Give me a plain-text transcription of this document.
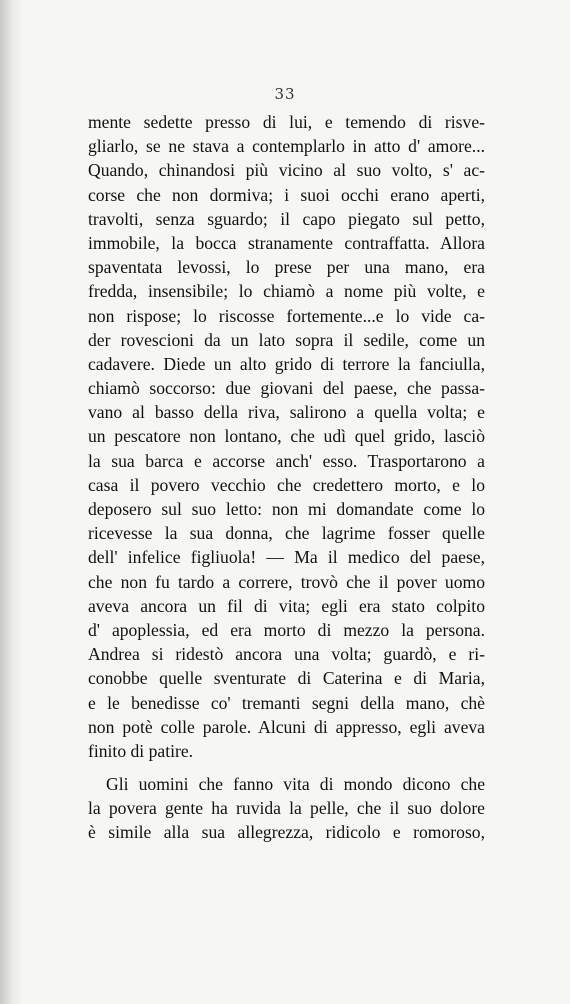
33
mente sedette presso di lui, e temendo di risve-
gliarlo, se ne stava a contemplarlo in atto d' amore...
Quando, chinandosi più vicino al suo volto, s' ac-
corse che non dormiva; i suoi occhi erano aperti,
travolti, senza sguardo; il capo piegato sul petto,
immobile, la bocca stranamente contraffatta. Allora
spaventata levossi, lo prese per una mano, era
fredda, insensibile; lo chiamò a nome più volte, e
non rispose; lo riscosse fortemente...e lo vide ca-
der rovescioni da un lato sopra il sedile, come un
cadavere. Diede un alto grido di terrore la fanciulla,
chiamò soccorso: due giovani del paese, che passa-
vano al basso della riva, salirono a quella volta; e
un pescatore non lontano, che udì quel grido, lasciò
la sua barca e accorse anch' esso. Trasportarono a
casa il povero vecchio che credettero morto, e lo
deposero sul suo letto: non mi domandate come lo
ricevesse la sua donna, che lagrime fosser quelle
dell' infelice figliuola! — Ma il medico del paese,
che non fu tardo a correre, trovò che il pover uomo
aveva ancora un fil di vita; egli era stato colpito
d' apoplessia, ed era morto di mezzo la persona.
Andrea si ridestò ancora una volta; guardò, e ri-
conobbe quelle sventurate di Caterina e di Maria,
e le benedisse co' tremanti segni della mano, chè
non potè colle parole. Alcuni di appresso, egli aveva
finito di patire.
Gli uomini che fanno vita di mondo dicono che
la povera gente ha ruvida la pelle, che il suo dolore
è simile alla sua allegrezza, ridicolo e romoroso,
